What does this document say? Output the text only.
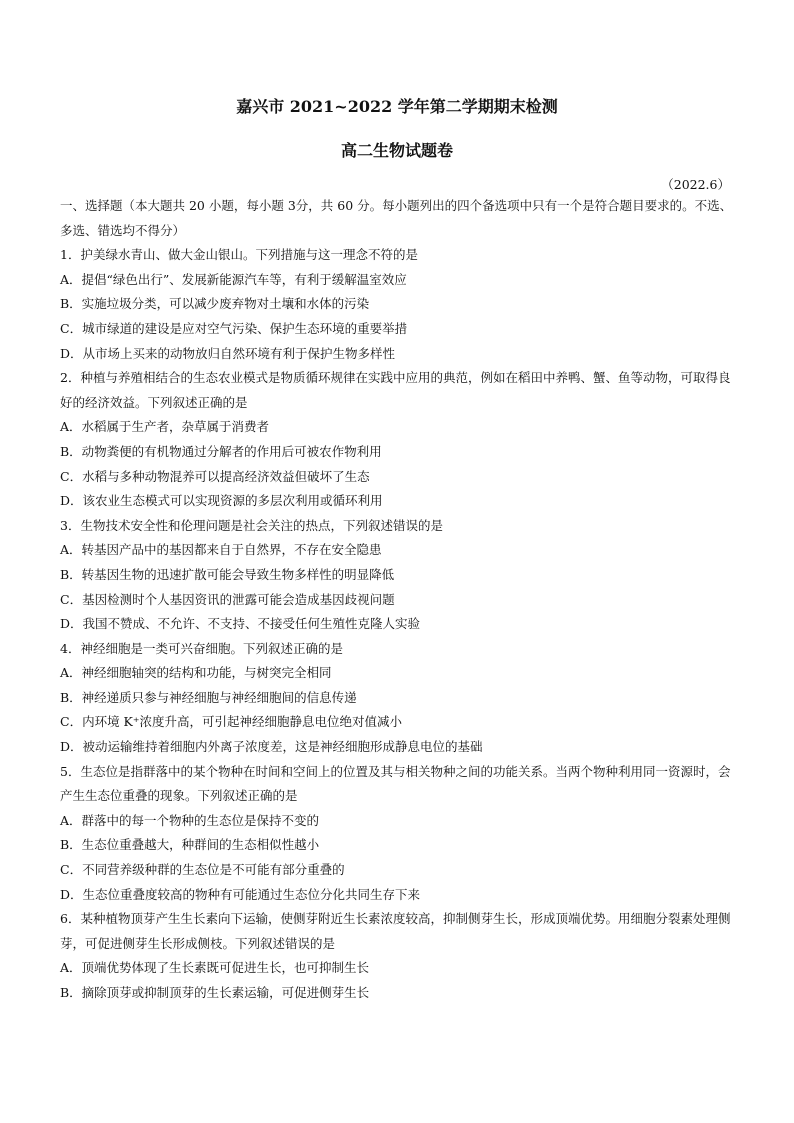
嘉兴市 2021~2022 学年第二学期期末检测
高二生物试题卷
（2022.6）
一、选择题（本大题共 20 小题，每小题 3分，共 60 分。每小题列出的四个备选项中只有一个是符合题目要求的。不选、多选、错选均不得分）
1．护美绿水青山、做大金山银山。下列措施与这一理念不符的是
A．提倡“绿色出行”、发展新能源汽车等，有利于缓解温室效应
B．实施垃圾分类，可以减少废弃物对土壤和水体的污染
C．城市绿道的建设是应对空气污染、保护生态环境的重要举措
D．从市场上买来的动物放归自然环境有利于保护生物多样性
2．种植与养殖相结合的生态农业模式是物质循环规律在实践中应用的典范，例如在稻田中养鸭、蟹、鱼等动物，可取得良好的经济效益。下列叙述正确的是
A．水稻属于生产者，杂草属于消费者
B．动物粪便的有机物通过分解者的作用后可被农作物利用
C．水稻与多种动物混养可以提高经济效益但破坏了生态
D．该农业生态模式可以实现资源的多层次利用或循环利用
3．生物技术安全性和伦理问题是社会关注的热点，下列叙述错误的是
A．转基因产品中的基因都来自于自然界，不存在安全隐患
B．转基因生物的迅速扩散可能会导致生物多样性的明显降低
C．基因检测时个人基因资讯的泄露可能会造成基因歧视问题
D．我国不赞成、不允许、不支持、不接受任何生殖性克隆人实验
4．神经细胞是一类可兴奋细胞。下列叙述正确的是
A．神经细胞轴突的结构和功能，与树突完全相同
B．神经递质只参与神经细胞与神经细胞间的信息传递
C．内环境 K⁺浓度升高，可引起神经细胞静息电位绝对值减小
D．被动运输维持着细胞内外离子浓度差，这是神经细胞形成静息电位的基础
5．生态位是指群落中的某个物种在时间和空间上的位置及其与相关物种之间的功能关系。当两个物种利用同一资源时，会产生生态位重叠的现象。下列叙述正确的是
A．群落中的每一个物种的生态位是保持不变的
B．生态位重叠越大，种群间的生态相似性越小
C．不同营养级种群的生态位是不可能有部分重叠的
D．生态位重叠度较高的物种有可能通过生态位分化共同生存下来
6．某种植物顶芽产生生长素向下运输，使侧芽附近生长素浓度较高，抑制侧芽生长，形成顶端优势。用细胞分裂素处理侧芽，可促进侧芽生长形成侧枝。下列叙述错误的是
A．顶端优势体现了生长素既可促进生长，也可抑制生长
B．摘除顶芽或抑制顶芽的生长素运输，可促进侧芽生长
